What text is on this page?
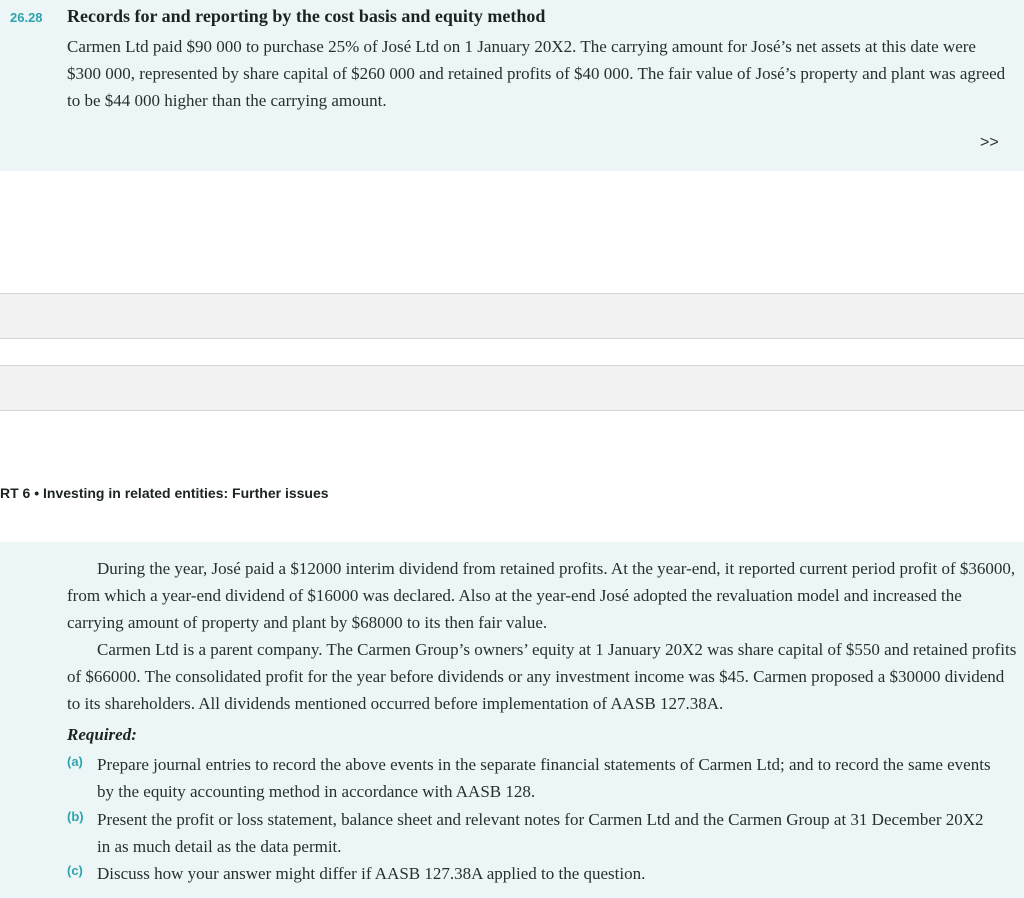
26.28 Records for and reporting by the cost basis and equity method
Carmen Ltd paid $90 000 to purchase 25% of José Ltd on 1 January 20X2. The carrying amount for José’s net assets at this date were $300 000, represented by share capital of $260 000 and retained profits of $40 000. The fair value of José’s property and plant was agreed to be $44 000 higher than the carrying amount.
>>
RT 6 • Investing in related entities: Further issues
During the year, José paid a $12000 interim dividend from retained profits. At the year-end, it reported current period profit of $36000, from which a year-end dividend of $16000 was declared. Also at the year-end José adopted the revaluation model and increased the carrying amount of property and plant by $68000 to its then fair value.
Carmen Ltd is a parent company. The Carmen Group’s owners’ equity at 1 January 20X2 was share capital of $550 and retained profits of $66000. The consolidated profit for the year before dividends or any investment income was $45. Carmen proposed a $30000 dividend to its shareholders. All dividends mentioned occurred before implementation of AASB 127.38A.
Required:
(a) Prepare journal entries to record the above events in the separate financial statements of Carmen Ltd; and to record the same events by the equity accounting method in accordance with AASB 128.
(b) Present the profit or loss statement, balance sheet and relevant notes for Carmen Ltd and the Carmen Group at 31 December 20X2 in as much detail as the data permit.
(c) Discuss how your answer might differ if AASB 127.38A applied to the question.
